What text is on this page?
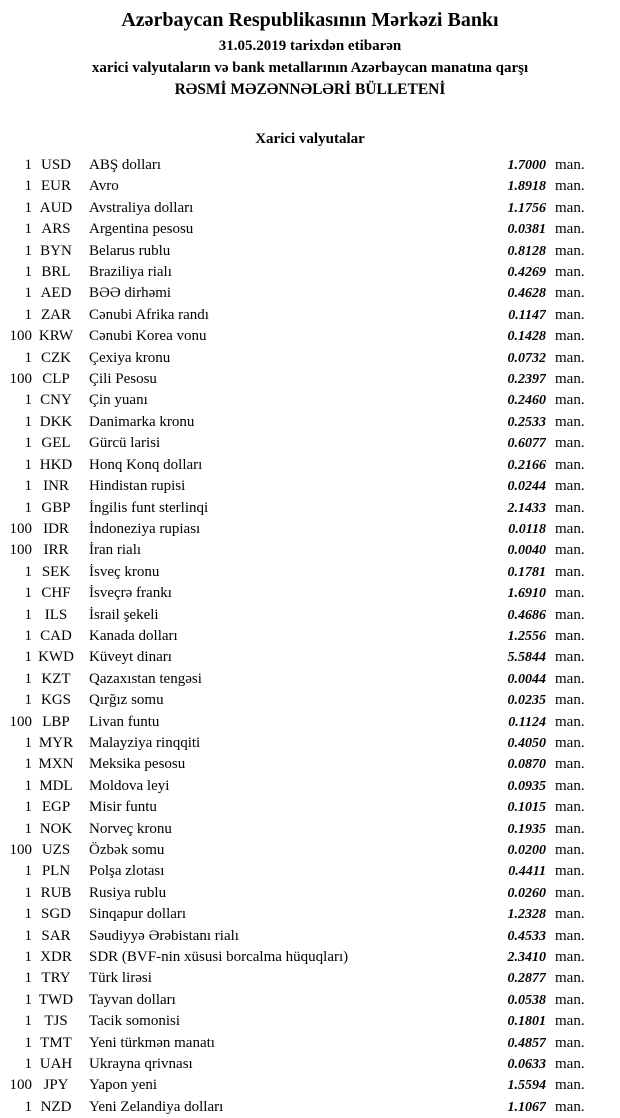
Azərbaycan Respublikasının Mərkəzi Bankı
31.05.2019 tarixdən etibarən
xarici valyutaların və bank metallarının Azərbaycan manatına qarşı
RƏSMİ MƏZƏNNƏLƏRİ BÜLLETENİ
Xarici valyutalar
1	USD	ABŞ dolları	1.7000	man.
1	EUR	Avro	1.8918	man.
1	AUD	Avstraliya dolları	1.1756	man.
1	ARS	Argentina pesosu	0.0381	man.
1	BYN	Belarus rublu	0.8128	man.
1	BRL	Braziliya rialı	0.4269	man.
1	AED	BƏƏ dirhəmi	0.4628	man.
1	ZAR	Cənubi Afrika randı	0.1147	man.
100	KRW	Cənubi Korea vonu	0.1428	man.
1	CZK	Çexiya kronu	0.0732	man.
100	CLP	Çili Pesosu	0.2397	man.
1	CNY	Çin yuanı	0.2460	man.
1	DKK	Danimarka kronu	0.2533	man.
1	GEL	Gürcü larisi	0.6077	man.
1	HKD	Honq Konq dolları	0.2166	man.
1	INR	Hindistan rupisi	0.0244	man.
1	GBP	İngilis funt sterlinqi	2.1433	man.
100	IDR	İndoneziya rupiası	0.0118	man.
100	IRR	İran rialı	0.0040	man.
1	SEK	İsveç kronu	0.1781	man.
1	CHF	İsveçrə frankı	1.6910	man.
1	ILS	İsrail şekeli	0.4686	man.
1	CAD	Kanada dolları	1.2556	man.
1	KWD	Küveyt dinarı	5.5844	man.
1	KZT	Qazaxıstan tengəsi	0.0044	man.
1	KGS	Qırğız somu	0.0235	man.
100	LBP	Livan funtu	0.1124	man.
1	MYR	Malayziya rinqqiti	0.4050	man.
1	MXN	Meksika pesosu	0.0870	man.
1	MDL	Moldova leyi	0.0935	man.
1	EGP	Misir funtu	0.1015	man.
1	NOK	Norveç kronu	0.1935	man.
100	UZS	Özbək somu	0.0200	man.
1	PLN	Polşa zlotası	0.4411	man.
1	RUB	Rusiya rublu	0.0260	man.
1	SGD	Sinqapur dolları	1.2328	man.
1	SAR	Səudiyyə Ərəbistanı rialı	0.4533	man.
1	XDR	SDR (BVF-nin xüsusi borcalma hüquqları)	2.3410	man.
1	TRY	Türk lirəsi	0.2877	man.
1	TWD	Tayvan dolları	0.0538	man.
1	TJS	Tacik somonisi	0.1801	man.
1	TMT	Yeni türkmən manatı	0.4857	man.
1	UAH	Ukrayna qrivnası	0.0633	man.
100	JPY	Yapon yeni	1.5594	man.
1	NZD	Yeni Zelandiya dolları	1.1067	man.
